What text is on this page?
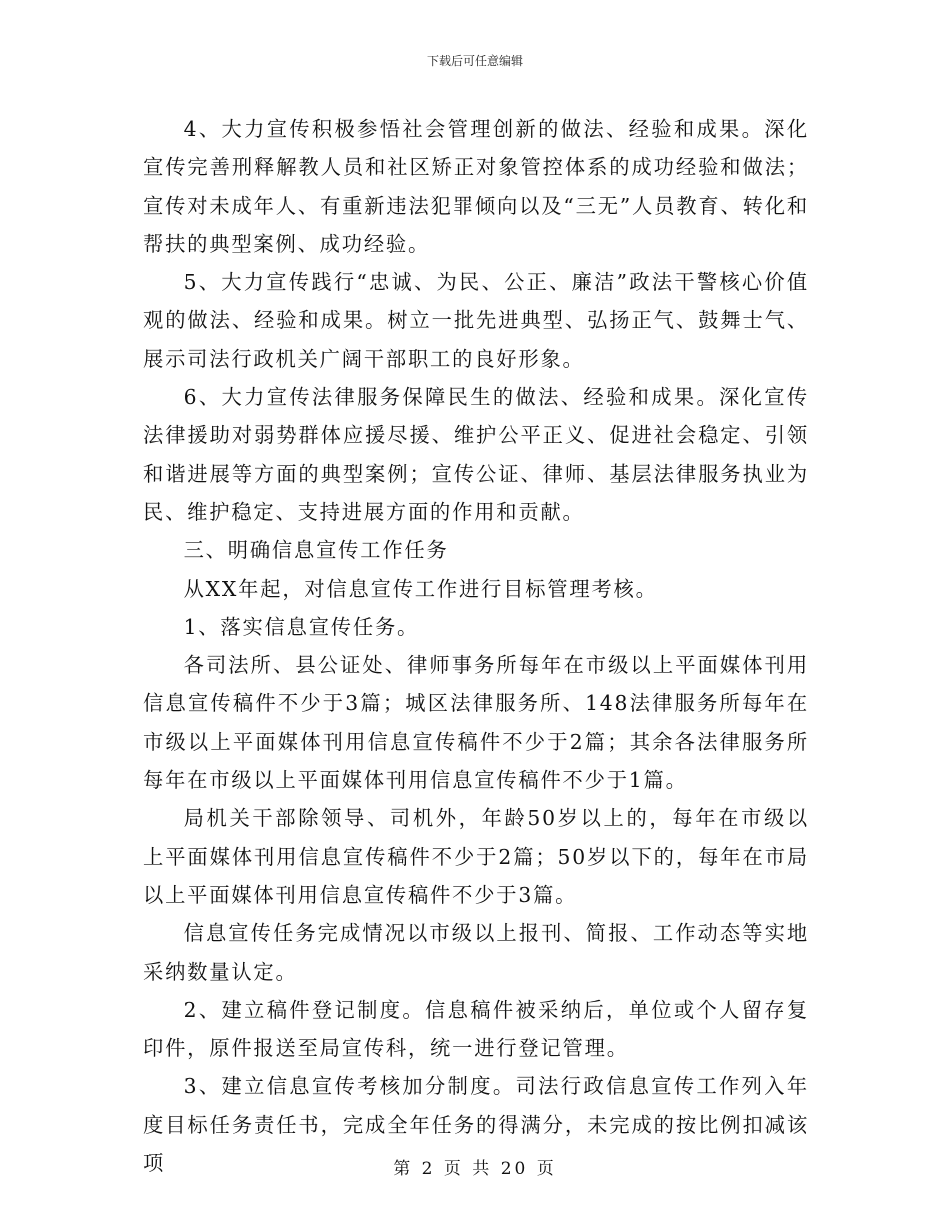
下载后可任意编辑

4、大力宣传积极参悟社会管理创新的做法、经验和成果。深化宣传完善刑释解教人员和社区矫正对象管控体系的成功经验和做法；宣传对未成年人、有重新违法犯罪倾向以及“三无”人员教育、转化和帮扶的典型案例、成功经验。

5、大力宣传践行“忠诚、为民、公正、廉洁”政法干警核心价值观的做法、经验和成果。树立一批先进典型、弘扬正气、鼓舞士气、展示司法行政机关广阔干部职工的良好形象。

6、大力宣传法律服务保障民生的做法、经验和成果。深化宣传法律援助对弱势群体应援尽援、维护公平正义、促进社会稳定、引领和谐进展等方面的典型案例；宣传公证、律师、基层法律服务执业为民、维护稳定、支持进展方面的作用和贡献。

三、明确信息宣传工作任务

从XX年起，对信息宣传工作进行目标管理考核。

1、落实信息宣传任务。

各司法所、县公证处、律师事务所每年在市级以上平面媒体刊用信息宣传稿件不少于3篇；城区法律服务所、148法律服务所每年在市级以上平面媒体刊用信息宣传稿件不少于2篇；其余各法律服务所每年在市级以上平面媒体刊用信息宣传稿件不少于1篇。

局机关干部除领导、司机外，年龄50岁以上的，每年在市级以上平面媒体刊用信息宣传稿件不少于2篇；50岁以下的，每年在市局以上平面媒体刊用信息宣传稿件不少于3篇。

信息宣传任务完成情况以市级以上报刊、简报、工作动态等实地采纳数量认定。

2、建立稿件登记制度。信息稿件被采纳后，单位或个人留存复印件，原件报送至局宣传科，统一进行登记管理。

3、建立信息宣传考核加分制度。司法行政信息宣传工作列入年度目标任务责任书，完成全年任务的得满分，未完成的按比例扣减该项	第 2 页 共 20 页
